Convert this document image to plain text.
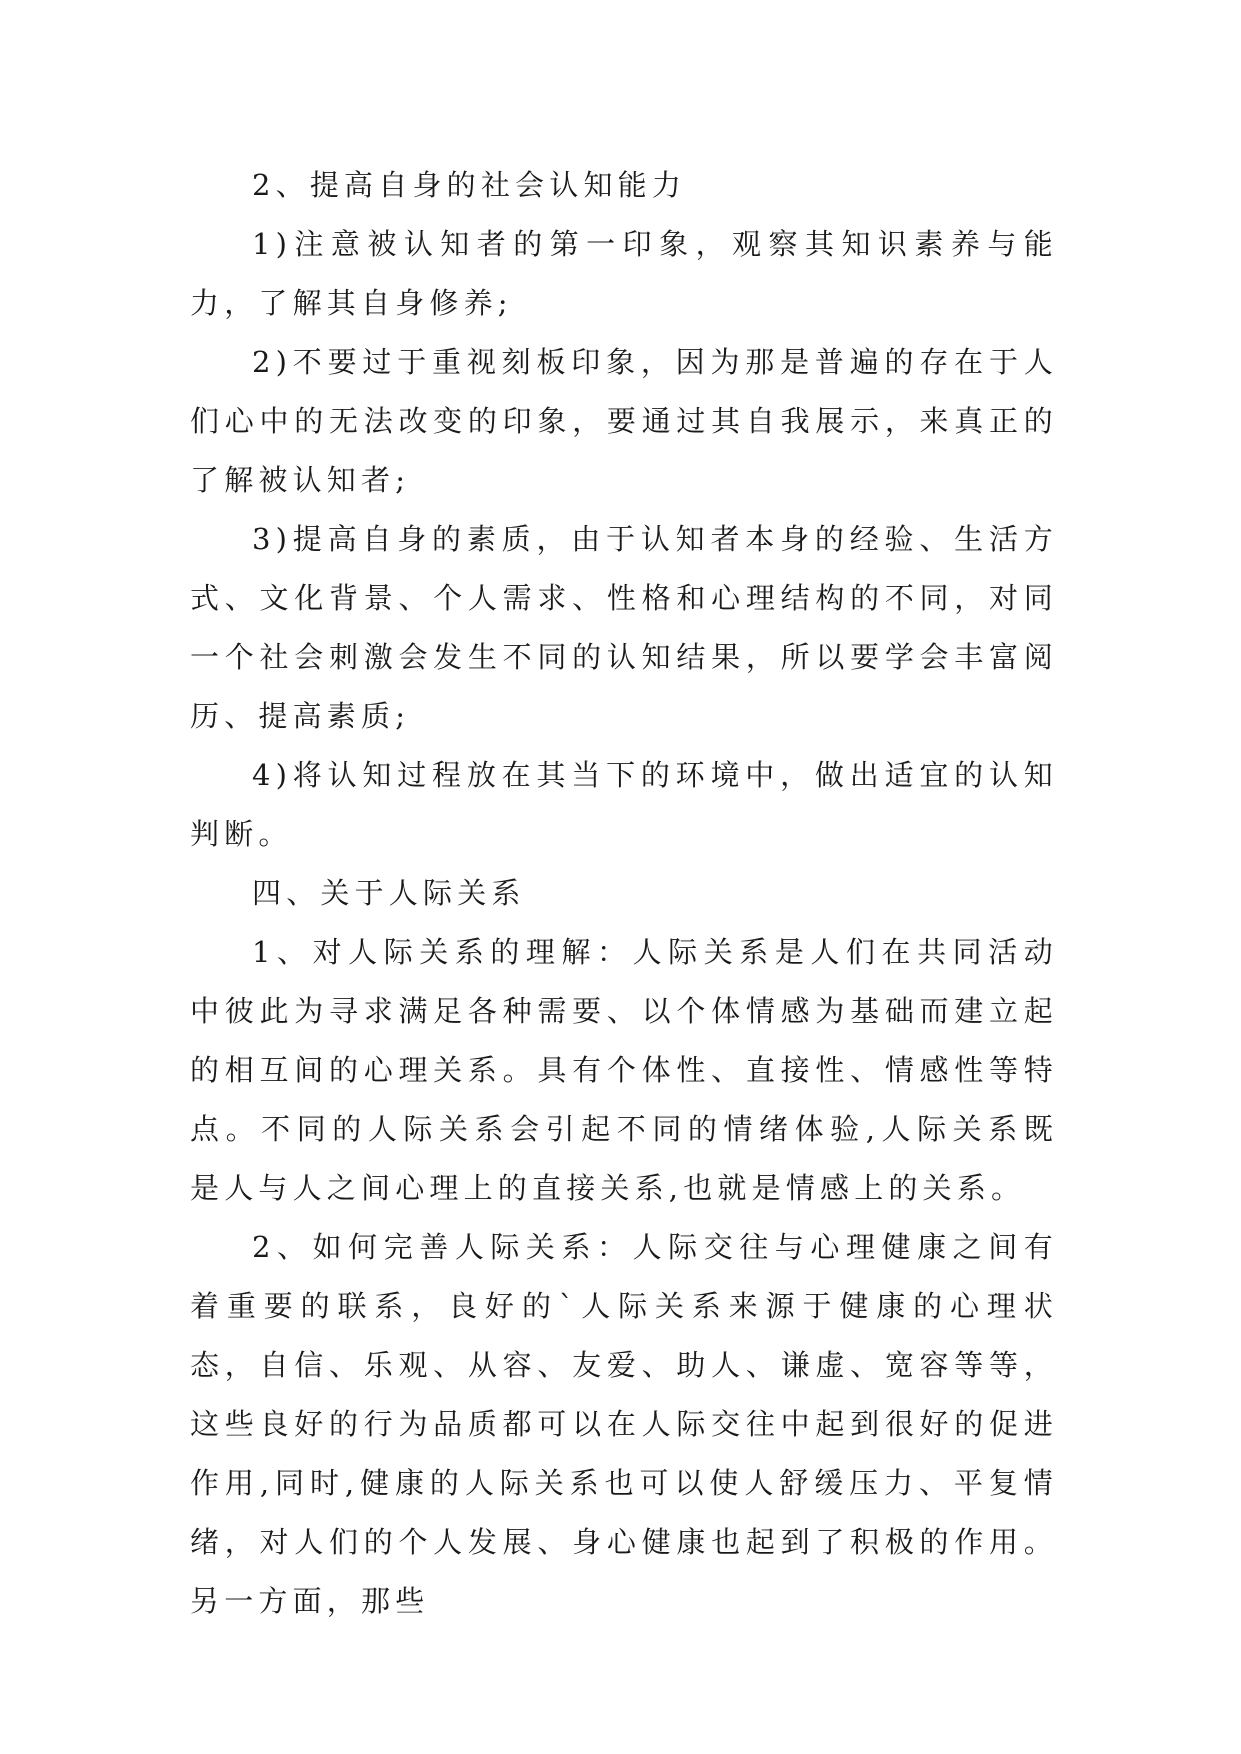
2、提高自身的社会认知能力

1)注意被认知者的第一印象，观察其知识素养与能力，了解其自身修养;

2)不要过于重视刻板印象，因为那是普遍的存在于人们心中的无法改变的印象，要通过其自我展示，来真正的了解被认知者;

3)提高自身的素质，由于认知者本身的经验、生活方式、文化背景、个人需求、性格和心理结构的不同，对同一个社会刺激会发生不同的认知结果，所以要学会丰富阅历、提高素质;

4)将认知过程放在其当下的环境中，做出适宜的认知判断。

四、关于人际关系

1、对人际关系的理解：人际关系是人们在共同活动中彼此为寻求满足各种需要、以个体情感为基础而建立起的相互间的心理关系。具有个体性、直接性、情感性等特点。不同的人际关系会引起不同的情绪体验,人际关系既是人与人之间心理上的直接关系,也就是情感上的关系。

2、如何完善人际关系：人际交往与心理健康之间有着重要的联系，良好的`人际关系来源于健康的心理状态，自信、乐观、从容、友爱、助人、谦虚、宽容等等，这些良好的行为品质都可以在人际交往中起到很好的促进作用,同时,健康的人际关系也可以使人舒缓压力、平复情绪，对人们的个人发展、身心健康也起到了积极的作用。另一方面，那些
